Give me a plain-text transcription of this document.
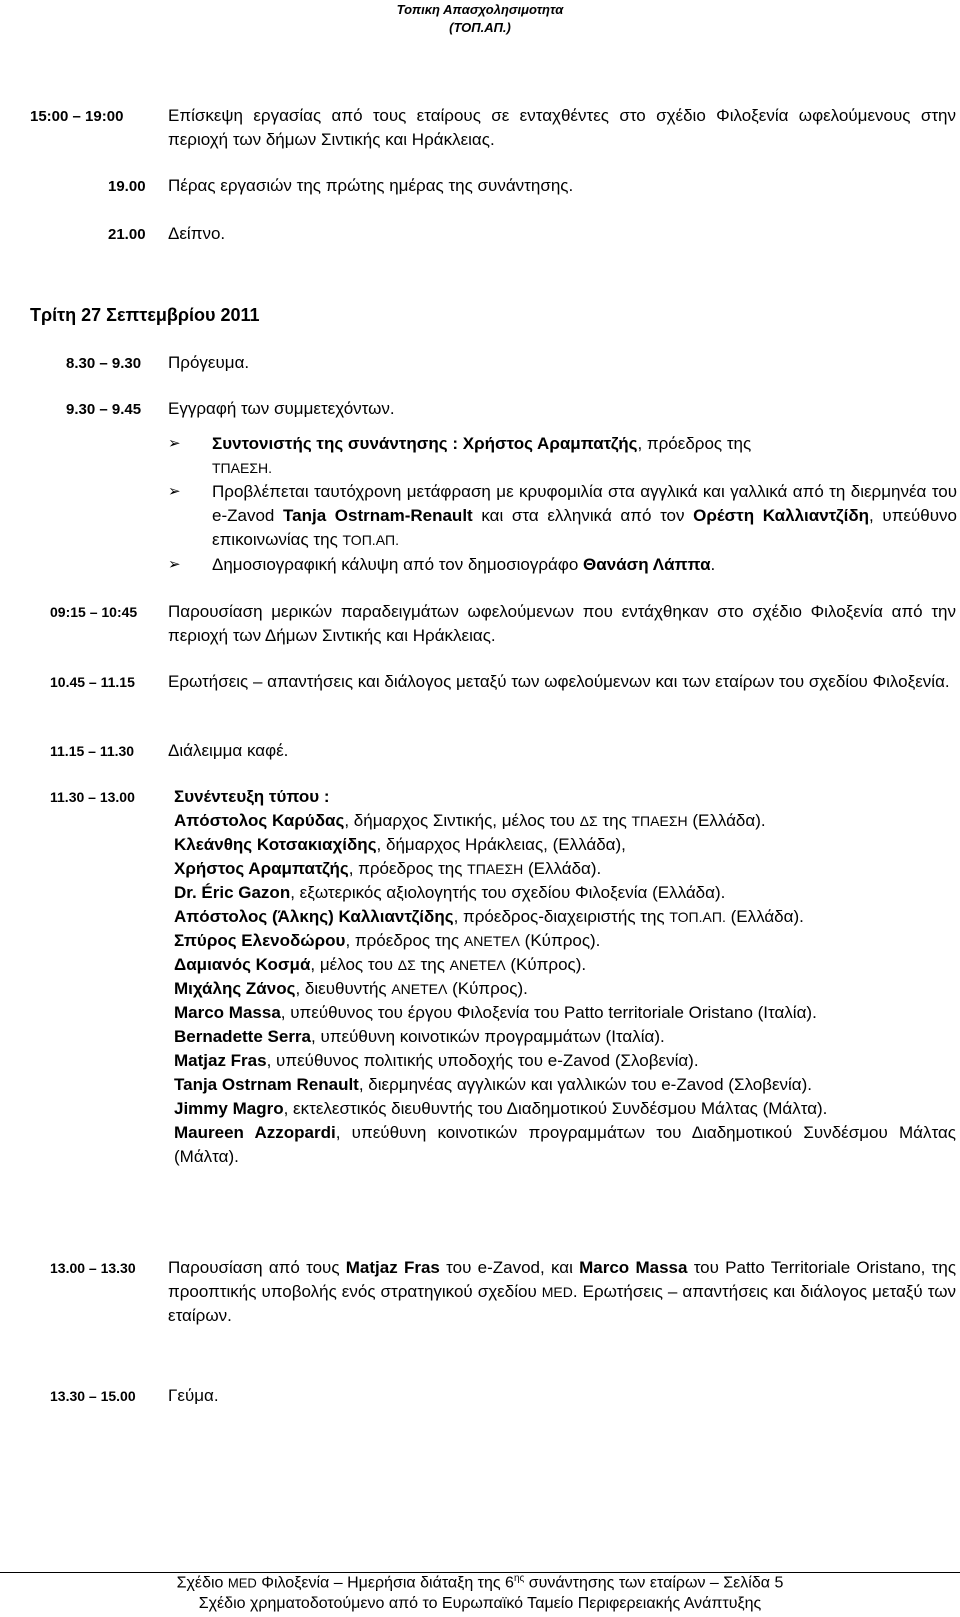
Τοπικη Απασχολησιμοτητα
(ΤΟΠ.ΑΠ.)
15:00 – 19:00	Επίσκεψη εργασίας από τους εταίρους σε ενταχθέντες στο σχέδιο Φιλοξενία ωφελούμενους στην περιοχή των δήμων Σιντικής και Ηράκλειας.
19.00 Πέρας εργασιών της πρώτης ημέρας της συνάντησης.
21.00 Δείπνο.
Τρίτη 27 Σεπτεμβρίου 2011
8.30 – 9.30 Πρόγευμα.
9.30 – 9.45 Εγγραφή των συμμετεχόντων.
➢	Συντονιστής της συνάντησης : Χρήστος Αραμπατζής, πρόεδρος της
ΤΠΑΕΣΗ.
➢	Προβλέπεται ταυτόχρονη μετάφραση με κρυφομιλία στα αγγλικά και γαλλικά από τη διερμηνέα του e-Zavod Tanja Ostrnam-Renault και στα ελληνικά από τον Ορέστη Καλλιαντζίδη, υπεύθυνο επικοινωνίας της ΤΟΠ.ΑΠ.
➢	Δημοσιογραφική κάλυψη από τον δημοσιογράφο Θανάση Λάππα.
09:15 – 10:45 Παρουσίαση μερικών παραδειγμάτων ωφελούμενων που εντάχθηκαν στο σχέδιο Φιλοξενία από την περιοχή των Δήμων Σιντικής και Ηράκλειας.
10.45 – 11.15 Ερωτήσεις – απαντήσεις και διάλογος μεταξύ των ωφελούμενων και των εταίρων του σχεδίου Φιλοξενία.
11.15 – 11.30 Διάλειμμα καφέ.
11.30 – 13.00 Συνέντευξη τύπου :
Απόστολος Καρύδας, δήμαρχος Σιντικής, μέλος του ΔΣ της ΤΠΑΕΣΗ (Ελλάδα).
Κλεάνθης Κοτσακιαχίδης, δήμαρχος Ηράκλειας, (Ελλάδα),
Χρήστος Αραμπατζής, πρόεδρος της ΤΠΑΕΣΗ (Ελλάδα).
Dr. Éric Gazon, εξωτερικός αξιολογητής του σχεδίου Φιλοξενία (Ελλάδα).
Απόστολος (Άλκης) Καλλιαντζίδης, πρόεδρος-διαχειριστής της ΤΟΠ.ΑΠ. (Ελλάδα).
Σπύρος Ελενοδώρου, πρόεδρος της ΑΝΕΤΕΛ (Κύπρος).
Δαμιανός Κοσμά, μέλος του ΔΣ της ΑΝΕΤΕΛ (Κύπρος).
Μιχάλης Ζάνος, διευθυντής ΑΝΕΤΕΛ (Κύπρος).
Marco Massa, υπεύθυνος του έργου Φιλοξενία του Patto territoriale Oristano (Ιταλία).
Bernadette Serra, υπεύθυνη κοινοτικών προγραμμάτων (Ιταλία).
Matjaz Fras, υπεύθυνος πολιτικής υποδοχής του e-Zavod (Σλοβενία).
Tanja Ostrnam Renault, διερμηνέας αγγλικών και γαλλικών του e-Zavod (Σλοβενία).
Jimmy Magro, εκτελεστικός διευθυντής του Διαδημοτικού Συνδέσμου Μάλτας (Μάλτα).
Maureen Azzopardi, υπεύθυνη κοινοτικών προγραμμάτων του Διαδημοτικού Συνδέσμου Μάλτας (Μάλτα).
13.00 – 13.30 Παρουσίαση από τους Matjaz Fras του e-Zavod, και Marco Massa του Patto Territoriale Oristano, της προοπτικής υποβολής ενός στρατηγικού σχεδίου MED. Ερωτήσεις – απαντήσεις και διάλογος μεταξύ των εταίρων.
13.30 – 15.00 Γεύμα.
Σχέδιο MED Φιλοξενία – Ημερήσια διάταξη της $6^{\eta\varsigma}$ συνάντησης των εταίρων – Σελίδα 5
Σχέδιο χρηματοδοτούμενο από το Ευρωπαϊκό Ταμείο Περιφερειακής Ανάπτυξης
